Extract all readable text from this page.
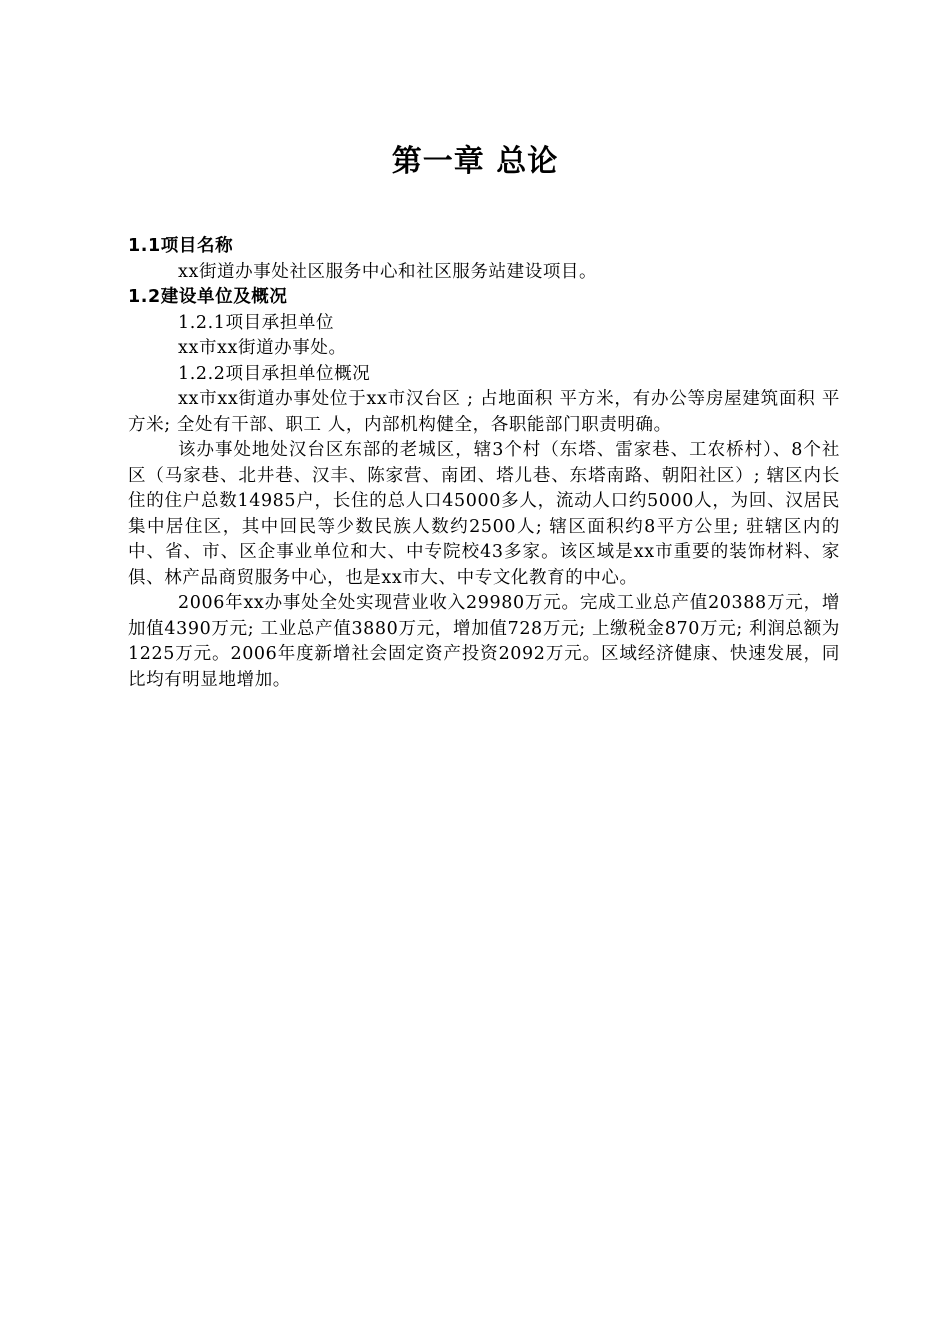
第一章 总论

1.1项目名称

xx街道办事处社区服务中心和社区服务站建设项目。

1.2建设单位及概况

1.2.1项目承担单位

xx市xx街道办事处。

1.2.2项目承担单位概况

xx市xx街道办事处位于xx市汉台区 ; 占地面积 平方米，有办公等房屋建筑面积 平方米; 全处有干部、职工 人，内部机构健全，各职能部门职责明确。

该办事处地处汉台区东部的老城区，辖3个村（东塔、雷家巷、工农桥村）、8个社区（马家巷、北井巷、汉丰、陈家营、南团、塔儿巷、东塔南路、朝阳社区）; 辖区内长住的住户总数14985户，长住的总人口45000多人，流动人口约5000人，为回、汉居民集中居住区，其中回民等少数民族人数约2500人; 辖区面积约8平方公里; 驻辖区内的中、省、市、区企事业单位和大、中专院校43多家。该区域是xx市重要的装饰材料、家俱、林产品商贸服务中心，也是xx市大、中专文化教育的中心。

2006年xx办事处全处实现营业收入29980万元。完成工业总产值20388万元，增加值4390万元; 工业总产值3880万元，增加值728万元; 上缴税金870万元; 利润总额为1225万元。2006年度新增社会固定资产投资2092万元。区域经济健康、快速发展，同比均有明显地增加。
